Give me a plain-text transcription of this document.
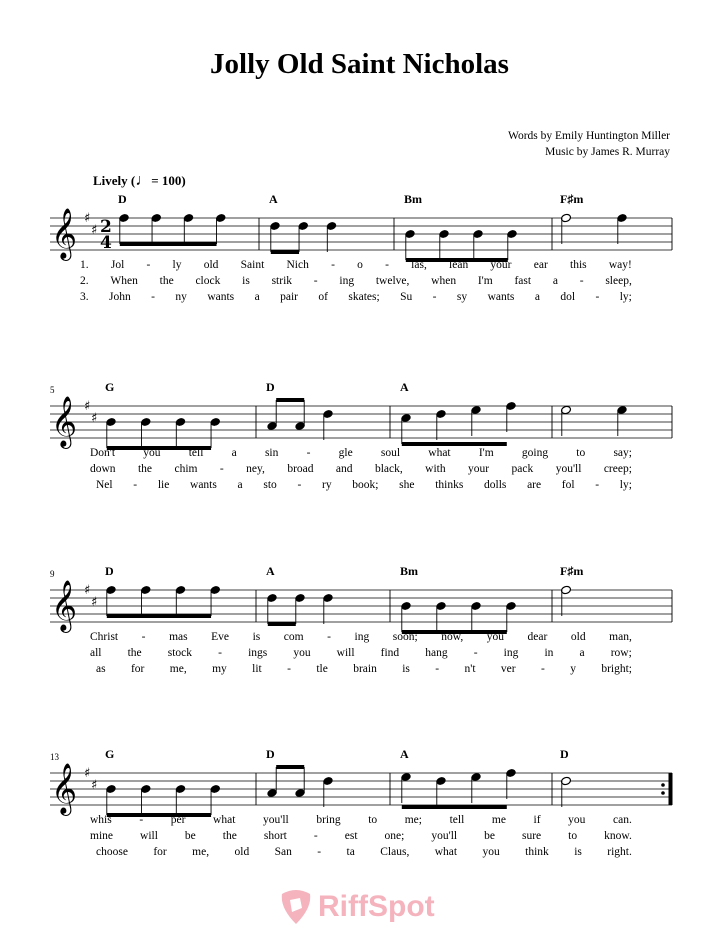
Jolly Old Saint Nicholas
Words by Emily Huntington Miller
Music by James R. Murray
Lively (♩= 100)
𝄞 ♯
♯ 2
4
D	A	Bm	F♯m
1. Jol - ly old Saint Nich - o - las, lean your ear this way!
2. When the clock is strik - ing twelve, when I'm fast a - sleep,
3. John - ny wants a pair of skates; Su - sy wants a dol - ly;
𝄞 ♯
♯
5	G	D	A
Don't you tell a sin - gle soul what I'm going to say;
down the chim - ney, broad and black, with your pack you'll creep;
Nel - lie wants a sto - ry book; she thinks dolls are fol - ly;
𝄞 ♯
♯
9	D	A	Bm	F♯m
Christ - mas Eve is com - ing soon; now, you dear old man,
all the stock - ings you will find hang - ing in a row;
as for me, my lit - tle brain is - n't ver - y bright;
𝄞 ♯
♯
13	G	D	A	D
whis - per what you'll bring to me; tell me if you can.
mine will be the short - est one; you'll be sure to know.
choose for me, old San - ta Claus, what you think is right.
RiffSpot
